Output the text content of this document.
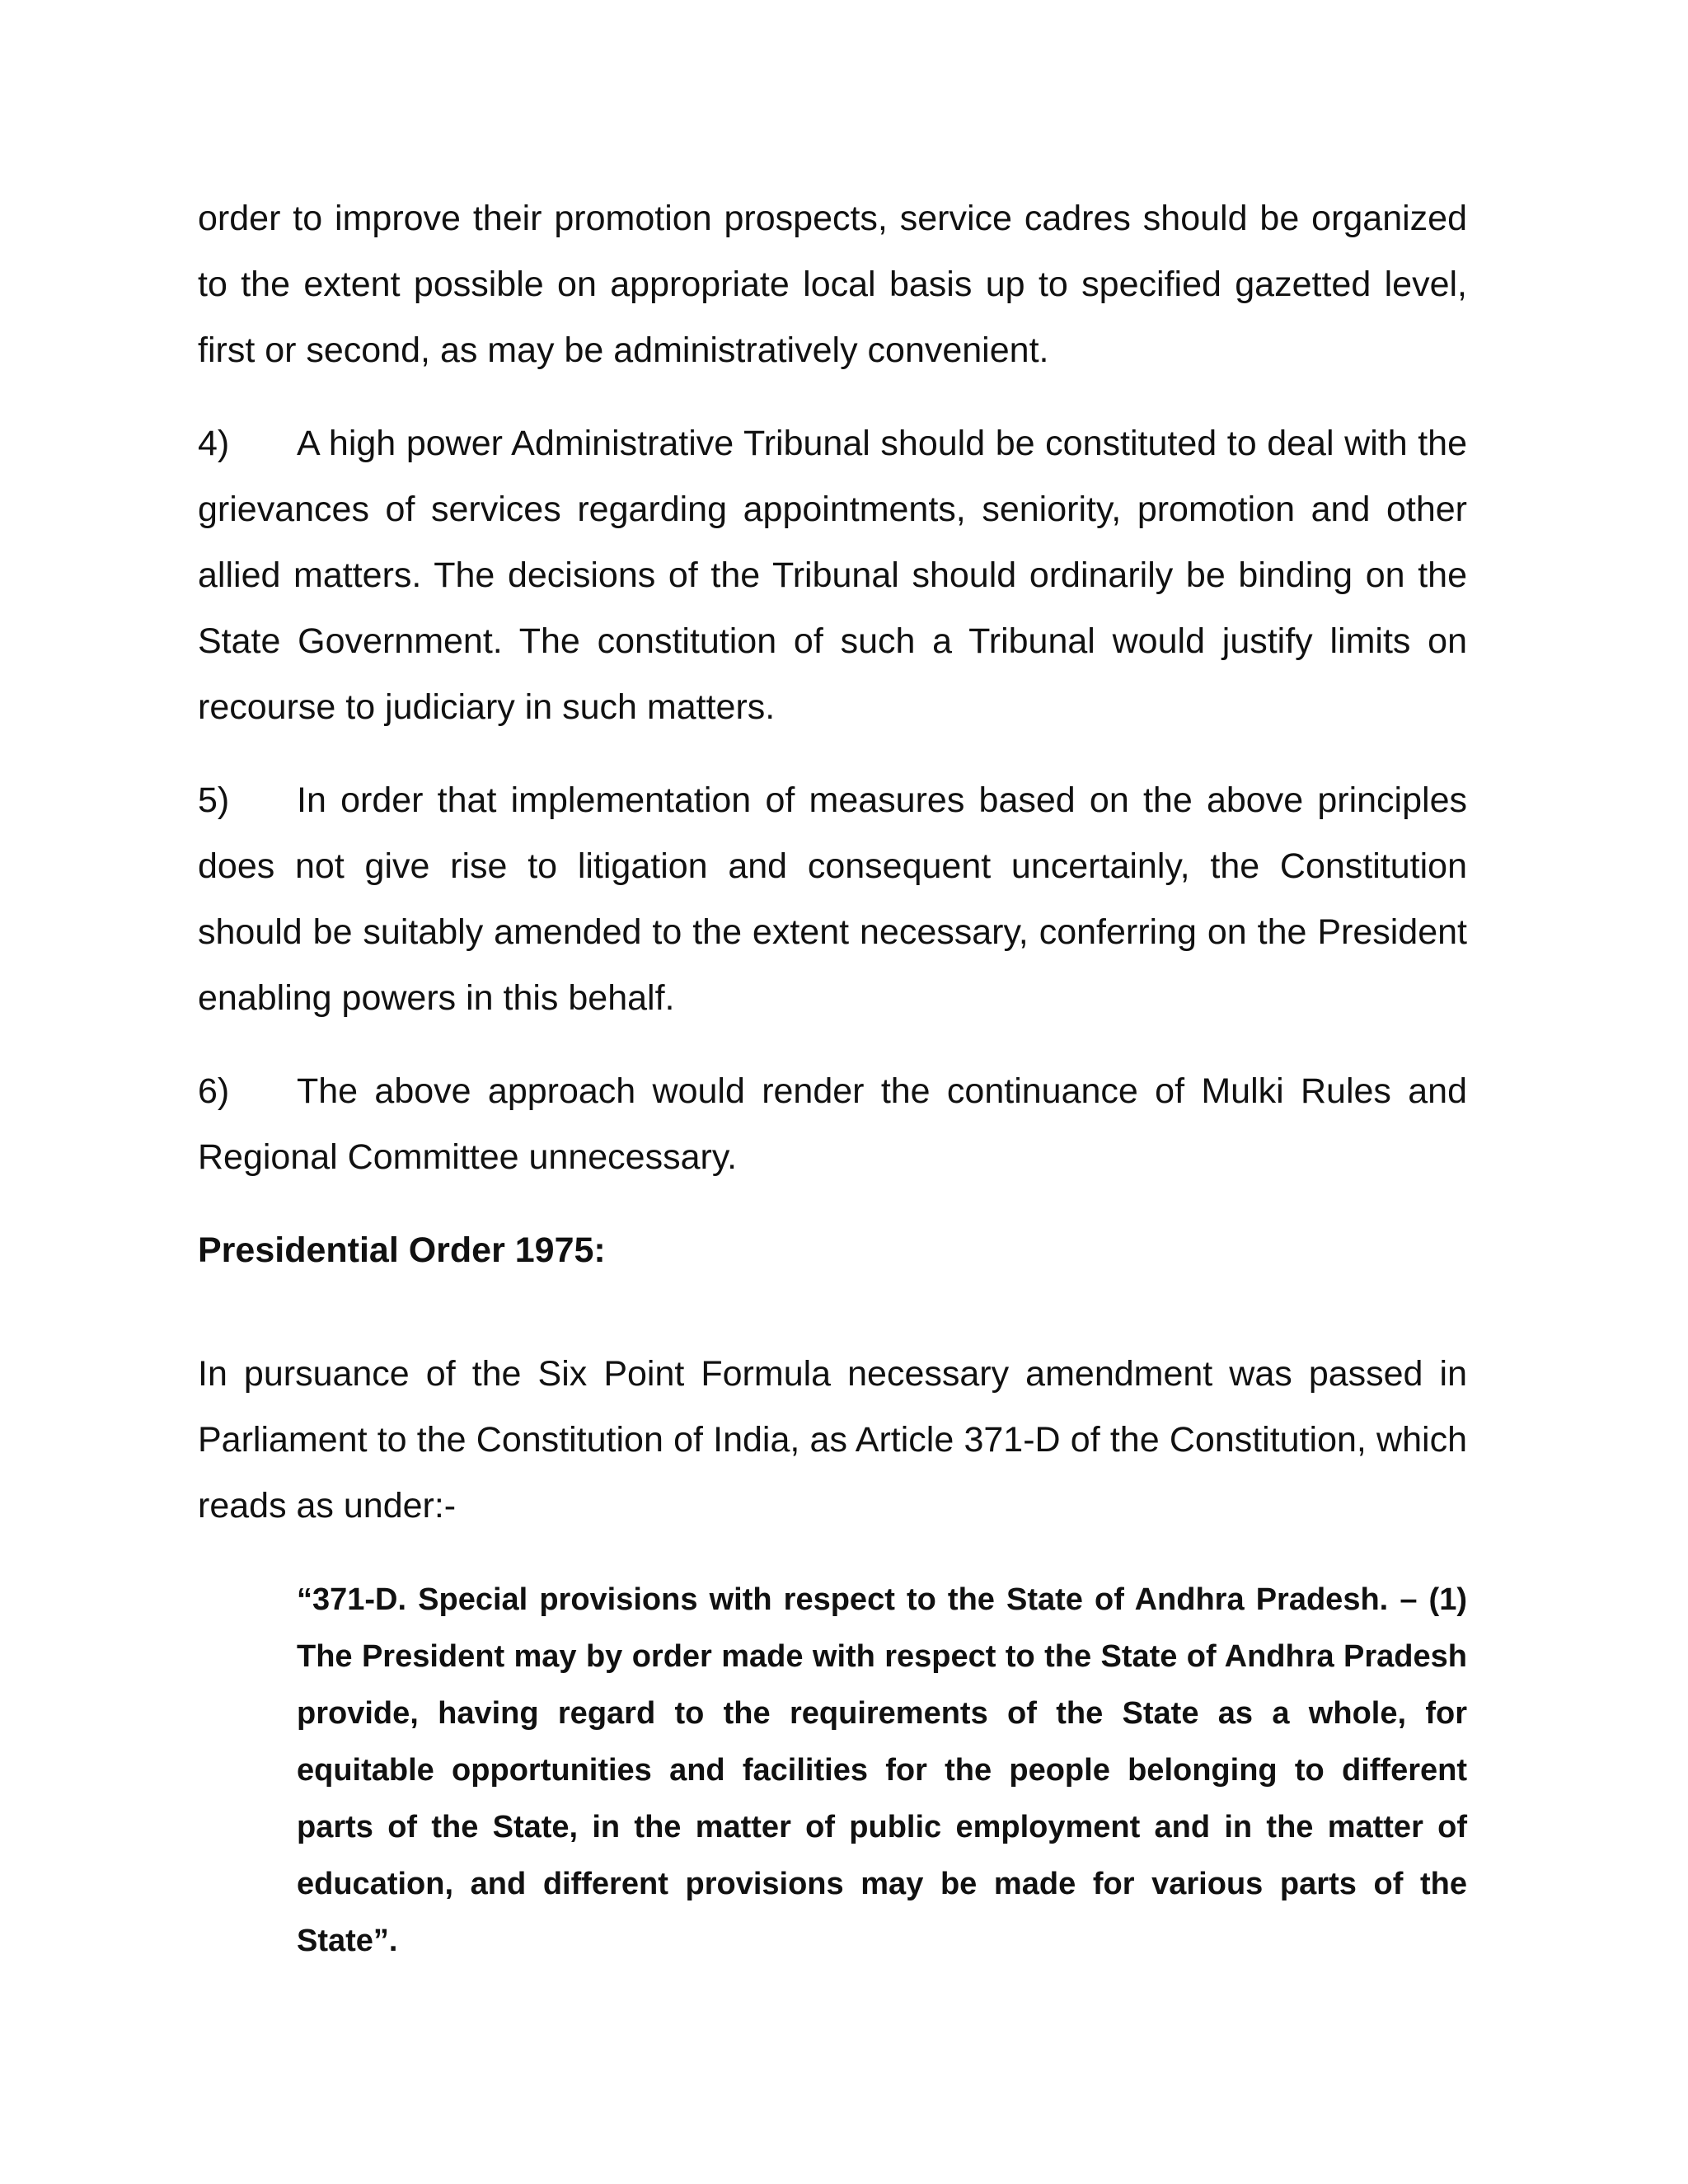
order to improve their promotion prospects, service cadres should be organized to the extent possible on appropriate local basis up to specified gazetted level, first or second, as may be administratively convenient.

4) A high power Administrative Tribunal should be constituted to deal with the grievances of services regarding appointments, seniority, promotion and other allied matters. The decisions of the Tribunal should ordinarily be binding on the State Government. The constitution of such a Tribunal would justify limits on recourse to judiciary in such matters.

5) In order that implementation of measures based on the above principles does not give rise to litigation and consequent uncertainly, the Constitution should be suitably amended to the extent necessary, conferring on the President enabling powers in this behalf.

6) The above approach would render the continuance of Mulki Rules and Regional Committee unnecessary.

Presidential Order 1975:

In pursuance of the Six Point Formula necessary amendment was passed in Parliament to the Constitution of India, as Article 371-D of the Constitution, which reads as under:-

“371-D. Special provisions with respect to the State of Andhra Pradesh. – (1) The President may by order made with respect to the State of Andhra Pradesh provide, having regard to the requirements of the State as a whole, for equitable opportunities and facilities for the people belonging to different parts of the State, in the matter of public employment and in the matter of education, and different provisions may be made for various parts of the State”.
